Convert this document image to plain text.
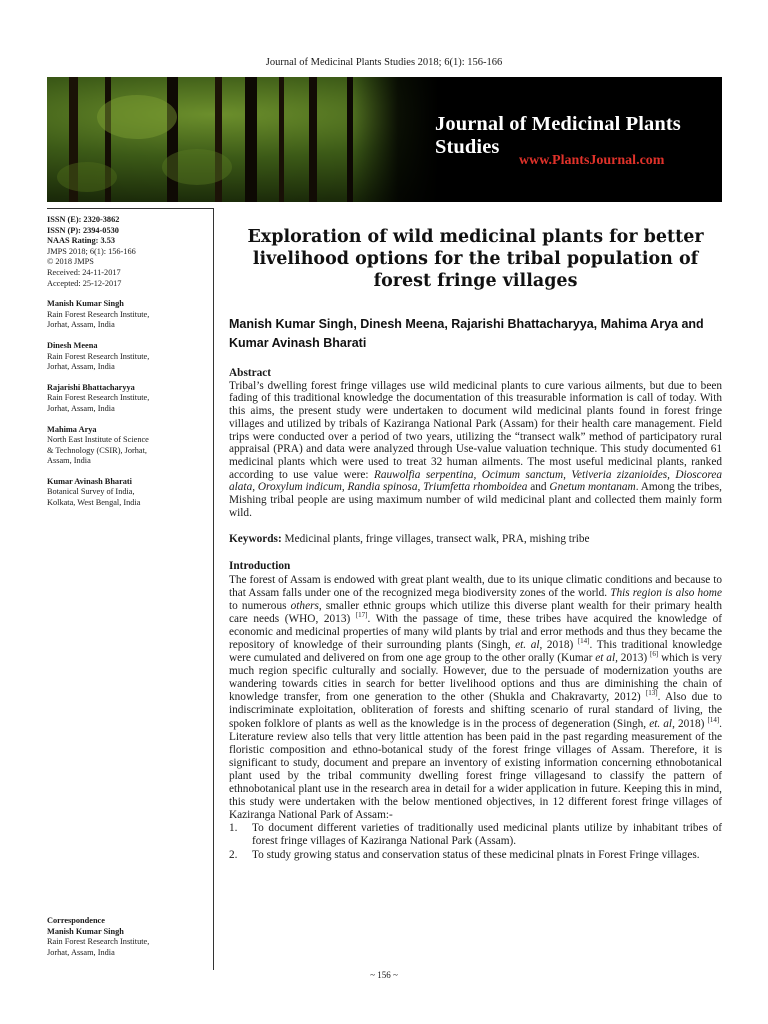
Journal of Medicinal Plants Studies 2018; 6(1): 156-166
Journal of Medicinal Plants Studies
www.PlantsJournal.com
ISSN (E): 2320-3862
ISSN (P): 2394-0530
NAAS Rating: 3.53
JMPS 2018; 6(1): 156-166
© 2018 JMPS
Received: 24-11-2017
Accepted: 25-12-2017
Manish Kumar Singh
Rain Forest Research Institute,
Jorhat, Assam, India
Dinesh Meena
Rain Forest Research Institute,
Jorhat, Assam, India
Rajarishi Bhattacharyya
Rain Forest Research Institute,
Jorhat, Assam, India
Mahima Arya
North East Institute of Science
& Technology (CSIR), Jorhat,
Assam, India
Kumar Avinash Bharati
Botanical Survey of India,
Kolkata, West Bengal, India
Correspondence
Manish Kumar Singh
Rain Forest Research Institute,
Jorhat, Assam, India
Exploration of wild medicinal plants for better livelihood options for the tribal population of forest fringe villages
Manish Kumar Singh, Dinesh Meena, Rajarishi Bhattacharyya, Mahima Arya and Kumar Avinash Bharati
Abstract
Tribal’s dwelling forest fringe villages use wild medicinal plants to cure various ailments, but due to been fading of this traditional knowledge the documentation of this treasurable information is call of today. With this aims, the present study were undertaken to document wild medicinal plants found in forest fringe villages and utilized by tribals of Kaziranga National Park (Assam) for their health care management. Field trips were conducted over a period of two years, utilizing the “transect walk” method of participatory rural appraisal (PRA) and data were analyzed through Use-value valuation technique. This study documented 61 medicinal plants which were used to treat 32 human ailments. The most useful medicinal plants, ranked according to use value were: Rauwolfia serpentina, Ocimum sanctum, Vetiveria zizanioides, Dioscorea alata, Oroxylum indicum, Randia spinosa, Triumfetta rhomboidea and Gnetum montanam. Among the tribes, Mishing tribal people are using maximum number of wild medicinal plant and collected them mainly form wild.
Keywords: Medicinal plants, fringe villages, transect walk, PRA, mishing tribe
Introduction

The forest of Assam is endowed with great plant wealth, due to its unique climatic conditions and because to that Assam falls under one of the recognized mega biodiversity zones of the world. This region is also home to numerous others, smaller ethnic groups which utilize this diverse plant wealth for their primary health care needs (WHO, 2013) [17]. With the passage of time, these tribes have acquired the knowledge of economic and medicinal properties of many wild plants by trial and error methods and thus they became the repository of knowledge of their surrounding plants (Singh, et. al, 2018) [14]. This traditional knowledge were cumulated and delivered on from one age group to the other orally (Kumar et al, 2013) [6] which is very much region specific culturally and socially. However, due to the persuade of modernization youths are wandering towards cities in search for better livelihood options and thus are diminishing the chain of knowledge transfer, from one generation to the other (Shukla and Chakravarty, 2012) [13]. Also due to indiscriminate exploitation, obliteration of forests and shifting scenario of rural standard of living, the spoken folklore of plants as well as the knowledge is in the process of degeneration (Singh, et. al, 2018) [14]. Literature review also tells that very little attention has been paid in the past regarding measurement of the floristic composition and ethno-botanical study of the forest fringe villages of Assam. Therefore, it is significant to study, document and prepare an inventory of existing information concerning ethnobotanical plant used by the tribal community dwelling forest fringe villagesand to classify the pattern of ethnobotanical plant use in the research area in detail for a wider application in future. Keeping this in mind, this study were undertaken with the below mentioned objectives, in 12 different forest fringe villages of Kaziranga National Park of Assam:-

1.	To document different varieties of traditionally used medicinal plants utilize by inhabitant tribes of forest fringe villages of Kaziranga National Park (Assam).
2.	To study growing status and conservation status of these medicinal plnats in Forest Fringe villages.
~ 156 ~
